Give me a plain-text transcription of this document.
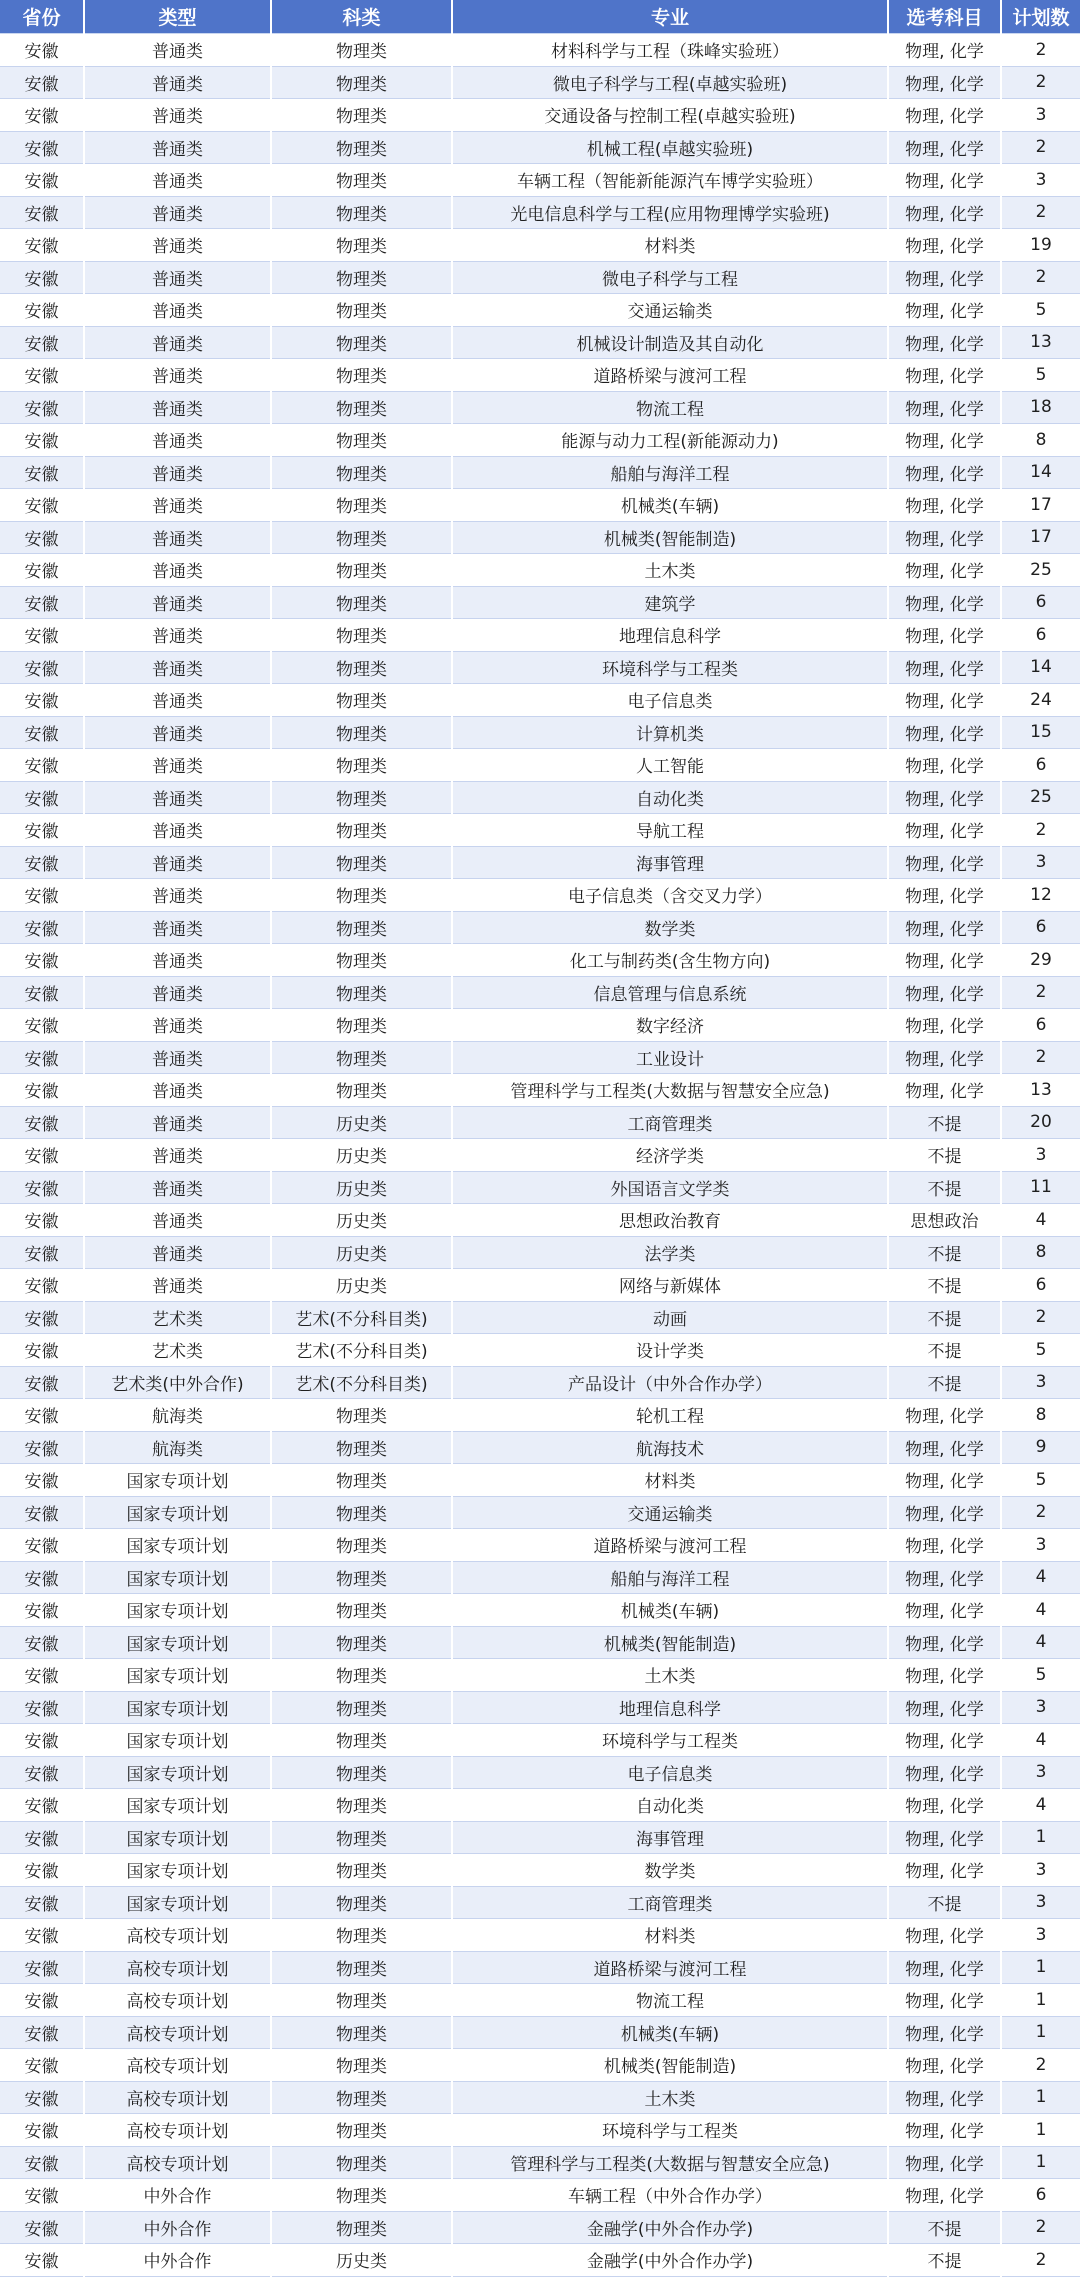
省份	类型	科类	专业	选考科目	计划数
安徽	普通类	物理类	材料科学与工程（珠峰实验班）	物理, 化学	2
安徽	普通类	物理类	微电子科学与工程(卓越实验班)	物理, 化学	2
安徽	普通类	物理类	交通设备与控制工程(卓越实验班)	物理, 化学	3
安徽	普通类	物理类	机械工程(卓越实验班)	物理, 化学	2
安徽	普通类	物理类	车辆工程（智能新能源汽车博学实验班）	物理, 化学	3
安徽	普通类	物理类	光电信息科学与工程(应用物理博学实验班)	物理, 化学	2
安徽	普通类	物理类	材料类	物理, 化学	19
安徽	普通类	物理类	微电子科学与工程	物理, 化学	2
安徽	普通类	物理类	交通运输类	物理, 化学	5
安徽	普通类	物理类	机械设计制造及其自动化	物理, 化学	13
安徽	普通类	物理类	道路桥梁与渡河工程	物理, 化学	5
安徽	普通类	物理类	物流工程	物理, 化学	18
安徽	普通类	物理类	能源与动力工程(新能源动力)	物理, 化学	8
安徽	普通类	物理类	船舶与海洋工程	物理, 化学	14
安徽	普通类	物理类	机械类(车辆)	物理, 化学	17
安徽	普通类	物理类	机械类(智能制造)	物理, 化学	17
安徽	普通类	物理类	土木类	物理, 化学	25
安徽	普通类	物理类	建筑学	物理, 化学	6
安徽	普通类	物理类	地理信息科学	物理, 化学	6
安徽	普通类	物理类	环境科学与工程类	物理, 化学	14
安徽	普通类	物理类	电子信息类	物理, 化学	24
安徽	普通类	物理类	计算机类	物理, 化学	15
安徽	普通类	物理类	人工智能	物理, 化学	6
安徽	普通类	物理类	自动化类	物理, 化学	25
安徽	普通类	物理类	导航工程	物理, 化学	2
安徽	普通类	物理类	海事管理	物理, 化学	3
安徽	普通类	物理类	电子信息类（含交叉力学）	物理, 化学	12
安徽	普通类	物理类	数学类	物理, 化学	6
安徽	普通类	物理类	化工与制药类(含生物方向)	物理, 化学	29
安徽	普通类	物理类	信息管理与信息系统	物理, 化学	2
安徽	普通类	物理类	数字经济	物理, 化学	6
安徽	普通类	物理类	工业设计	物理, 化学	2
安徽	普通类	物理类	管理科学与工程类(大数据与智慧安全应急)	物理, 化学	13
安徽	普通类	历史类	工商管理类	不提	20
安徽	普通类	历史类	经济学类	不提	3
安徽	普通类	历史类	外国语言文学类	不提	11
安徽	普通类	历史类	思想政治教育	思想政治	4
安徽	普通类	历史类	法学类	不提	8
安徽	普通类	历史类	网络与新媒体	不提	6
安徽	艺术类	艺术(不分科目类)	动画	不提	2
安徽	艺术类	艺术(不分科目类)	设计学类	不提	5
安徽	艺术类(中外合作)	艺术(不分科目类)	产品设计（中外合作办学）	不提	3
安徽	航海类	物理类	轮机工程	物理, 化学	8
安徽	航海类	物理类	航海技术	物理, 化学	9
安徽	国家专项计划	物理类	材料类	物理, 化学	5
安徽	国家专项计划	物理类	交通运输类	物理, 化学	2
安徽	国家专项计划	物理类	道路桥梁与渡河工程	物理, 化学	3
安徽	国家专项计划	物理类	船舶与海洋工程	物理, 化学	4
安徽	国家专项计划	物理类	机械类(车辆)	物理, 化学	4
安徽	国家专项计划	物理类	机械类(智能制造)	物理, 化学	4
安徽	国家专项计划	物理类	土木类	物理, 化学	5
安徽	国家专项计划	物理类	地理信息科学	物理, 化学	3
安徽	国家专项计划	物理类	环境科学与工程类	物理, 化学	4
安徽	国家专项计划	物理类	电子信息类	物理, 化学	3
安徽	国家专项计划	物理类	自动化类	物理, 化学	4
安徽	国家专项计划	物理类	海事管理	物理, 化学	1
安徽	国家专项计划	物理类	数学类	物理, 化学	3
安徽	国家专项计划	物理类	工商管理类	不提	3
安徽	高校专项计划	物理类	材料类	物理, 化学	3
安徽	高校专项计划	物理类	道路桥梁与渡河工程	物理, 化学	1
安徽	高校专项计划	物理类	物流工程	物理, 化学	1
安徽	高校专项计划	物理类	机械类(车辆)	物理, 化学	1
安徽	高校专项计划	物理类	机械类(智能制造)	物理, 化学	2
安徽	高校专项计划	物理类	土木类	物理, 化学	1
安徽	高校专项计划	物理类	环境科学与工程类	物理, 化学	1
安徽	高校专项计划	物理类	管理科学与工程类(大数据与智慧安全应急)	物理, 化学	1
安徽	中外合作	物理类	车辆工程（中外合作办学）	物理, 化学	6
安徽	中外合作	物理类	金融学(中外合作办学)	不提	2
安徽	中外合作	历史类	金融学(中外合作办学)	不提	2
